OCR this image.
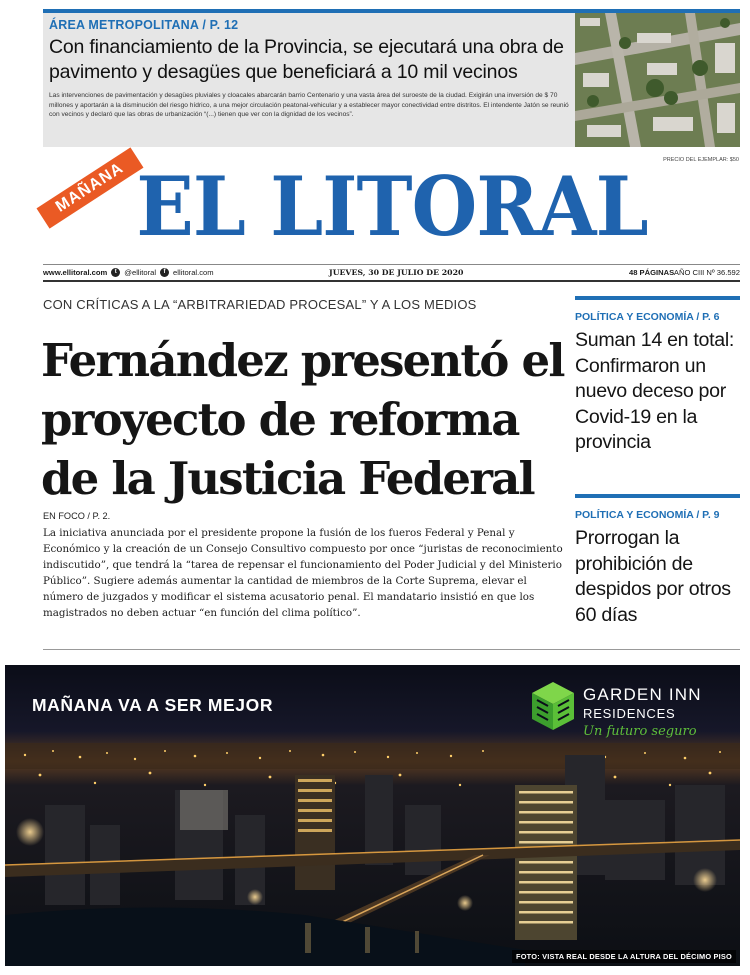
ÁREA METROPOLITANA / P. 12
Con financiamiento de la Provincia, se ejecutará una obra de pavimento y desagües que beneficiará a 10 mil vecinos
Las intervenciones de pavimentación y desagües pluviales y cloacales abarcarán barrio Centenario y una vasta área del suroeste de la ciudad. Exigirán una inversión de $ 70 millones y aportarán a la disminución del riesgo hídrico, a una mejor circulación peatonal-vehicular y a establecer mayor conectividad entre distritos. El intendente Jatón se reunió con vecinos y declaró que las obras de urbanización “(...) tienen que ver con la dignidad de los vecinos”.
PRECIO DEL EJEMPLAR: $50
MAÑANA EL LITORAL
www.ellitoral.com	t @ellitoral	f ellitoral.com	JUEVES, 30 DE JULIO DE 2020	48 PÁGINAS AÑO CIII Nº 36.592
CON CRÍTICAS A LA “ARBITRARIEDAD PROCESAL” Y A LOS MEDIOS
Fernández presentó el proyecto de reforma de la Justicia Federal
EN FOCO / P. 2.

La iniciativa anunciada por el presidente propone la fusión de los fueros Federal y Penal y Económico y la creación de un Consejo Consultivo compuesto por once “juristas de reconocimiento indiscutido”, que tendrá la “tarea de repensar el funcionamiento del Poder Judicial y del Ministerio Público”. Sugiere además aumentar la cantidad de miembros de la Corte Suprema, elevar el número de juzgados y modificar el sistema acusatorio penal. El mandatario insistió en que los magistrados no deben actuar “en función del clima político”.

POLÍTICA Y ECONOMÍA / P. 6
Suman 14 en total: Confirmaron un nuevo deceso por Covid-19 en la provincia
POLÍTICA Y ECONOMÍA / P. 9
Prorrogan la prohibición de despidos por otros 60 días
MAÑANA VA A SER MEJOR
GARDEN INN
RESIDENCES
Un futuro seguro
FOTO: VISTA REAL DESDE LA ALTURA DEL DÉCIMO PISO
